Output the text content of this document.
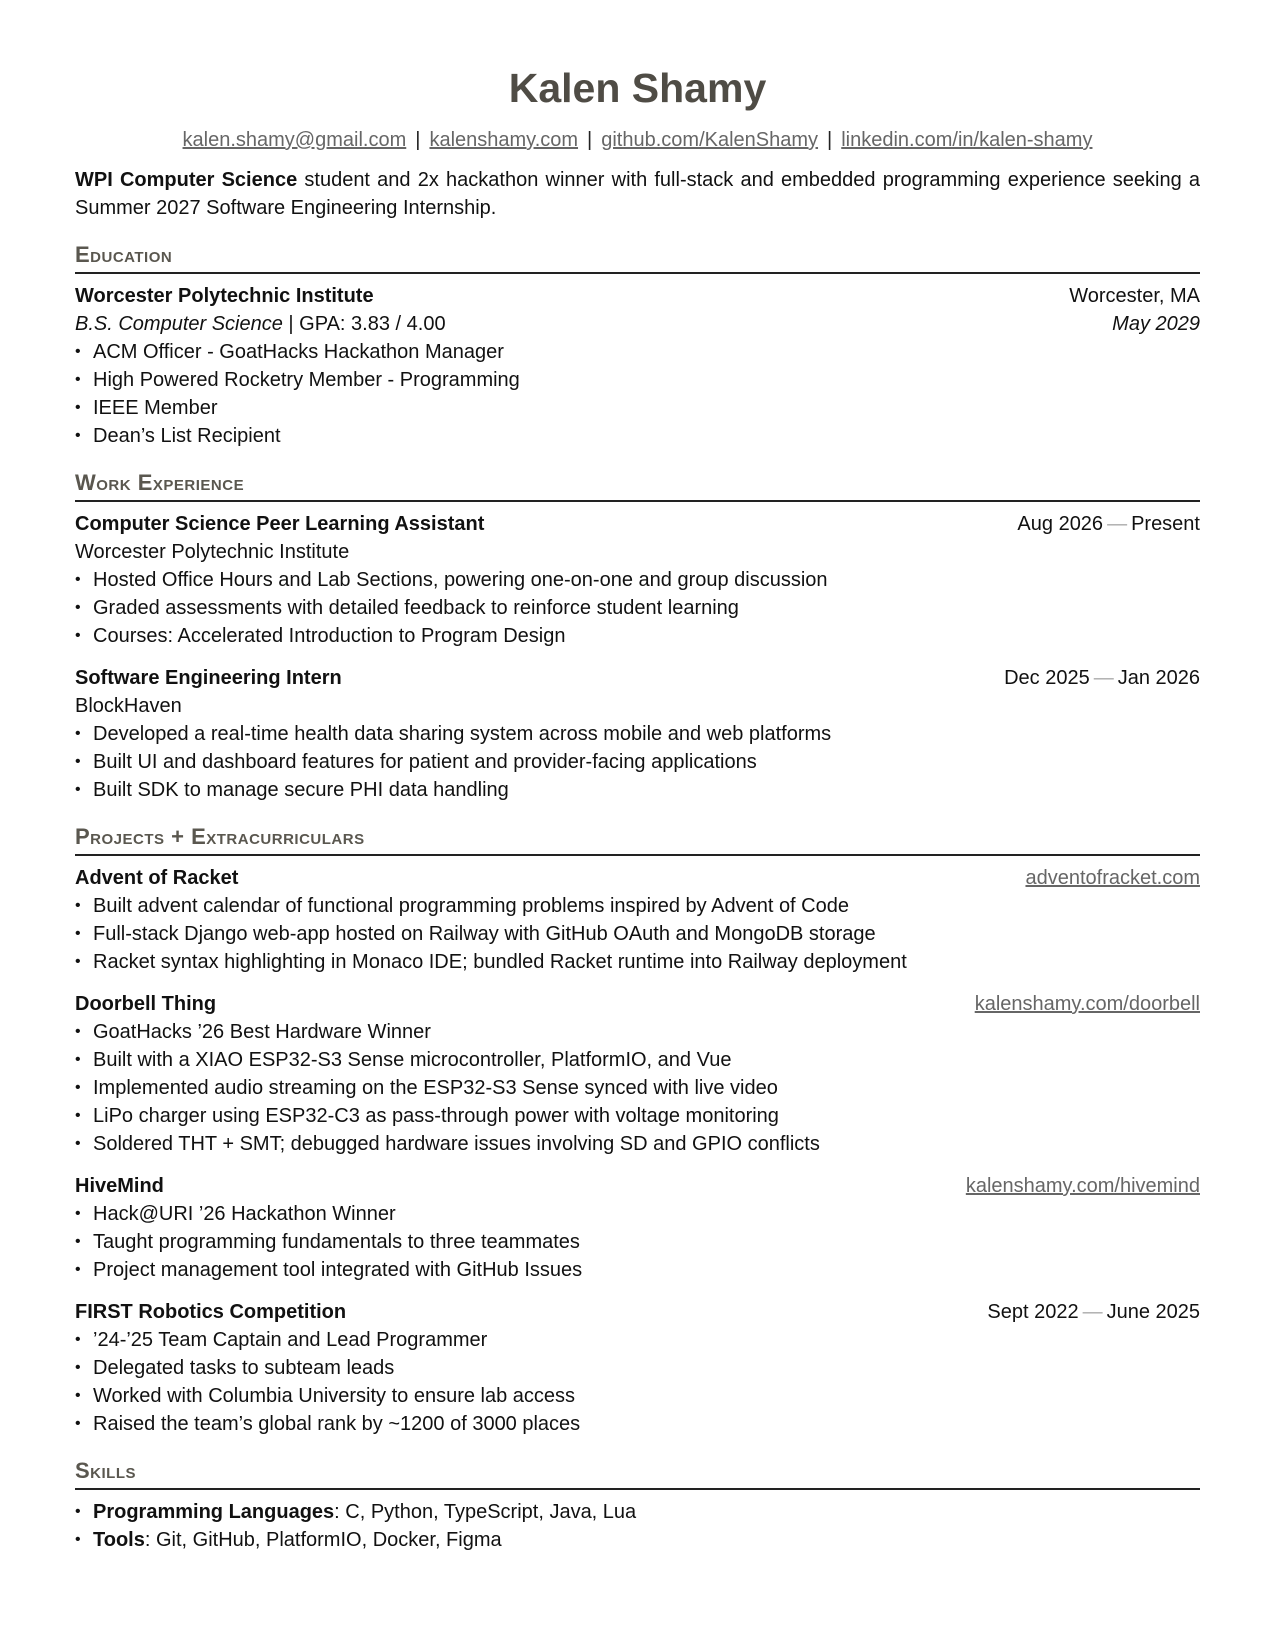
Kalen Shamy
kalen.shamy@gmail.com | kalenshamy.com | github.com/KalenShamy | linkedin.com/in/kalen-shamy
WPI Computer Science student and 2x hackathon winner with full-stack and embedded programming experience seeking a Summer 2027 Software Engineering Internship.
Education
Worcester Polytechnic Institute	Worcester, MA
B.S. Computer Science | GPA: 3.83 / 4.00	May 2029
• ACM Officer - GoatHacks Hackathon Manager
• High Powered Rocketry Member - Programming
• IEEE Member
• Dean’s List Recipient
Work Experience
Computer Science Peer Learning Assistant	Aug 2026 — Present
Worcester Polytechnic Institute
• Hosted Office Hours and Lab Sections, powering one-on-one and group discussion
• Graded assessments with detailed feedback to reinforce student learning
• Courses: Accelerated Introduction to Program Design
Software Engineering Intern	Dec 2025 — Jan 2026
BlockHaven
• Developed a real-time health data sharing system across mobile and web platforms
• Built UI and dashboard features for patient and provider-facing applications
• Built SDK to manage secure PHI data handling
Projects + Extracurriculars
Advent of Racket	adventofracket.com
• Built advent calendar of functional programming problems inspired by Advent of Code
• Full-stack Django web-app hosted on Railway with GitHub OAuth and MongoDB storage
• Racket syntax highlighting in Monaco IDE; bundled Racket runtime into Railway deployment
Doorbell Thing	kalenshamy.com/doorbell
• GoatHacks ’26 Best Hardware Winner
• Built with a XIAO ESP32-S3 Sense microcontroller, PlatformIO, and Vue
• Implemented audio streaming on the ESP32-S3 Sense synced with live video
• LiPo charger using ESP32-C3 as pass-through power with voltage monitoring
• Soldered THT + SMT; debugged hardware issues involving SD and GPIO conflicts
HiveMind	kalenshamy.com/hivemind
• Hack@URI ’26 Hackathon Winner
• Taught programming fundamentals to three teammates
• Project management tool integrated with GitHub Issues
FIRST Robotics Competition	Sept 2022 — June 2025
• ’24-’25 Team Captain and Lead Programmer
• Delegated tasks to subteam leads
• Worked with Columbia University to ensure lab access
• Raised the team’s global rank by ~1200 of 3000 places
Skills
• Programming Languages: C, Python, TypeScript, Java, Lua
• Tools: Git, GitHub, PlatformIO, Docker, Figma
